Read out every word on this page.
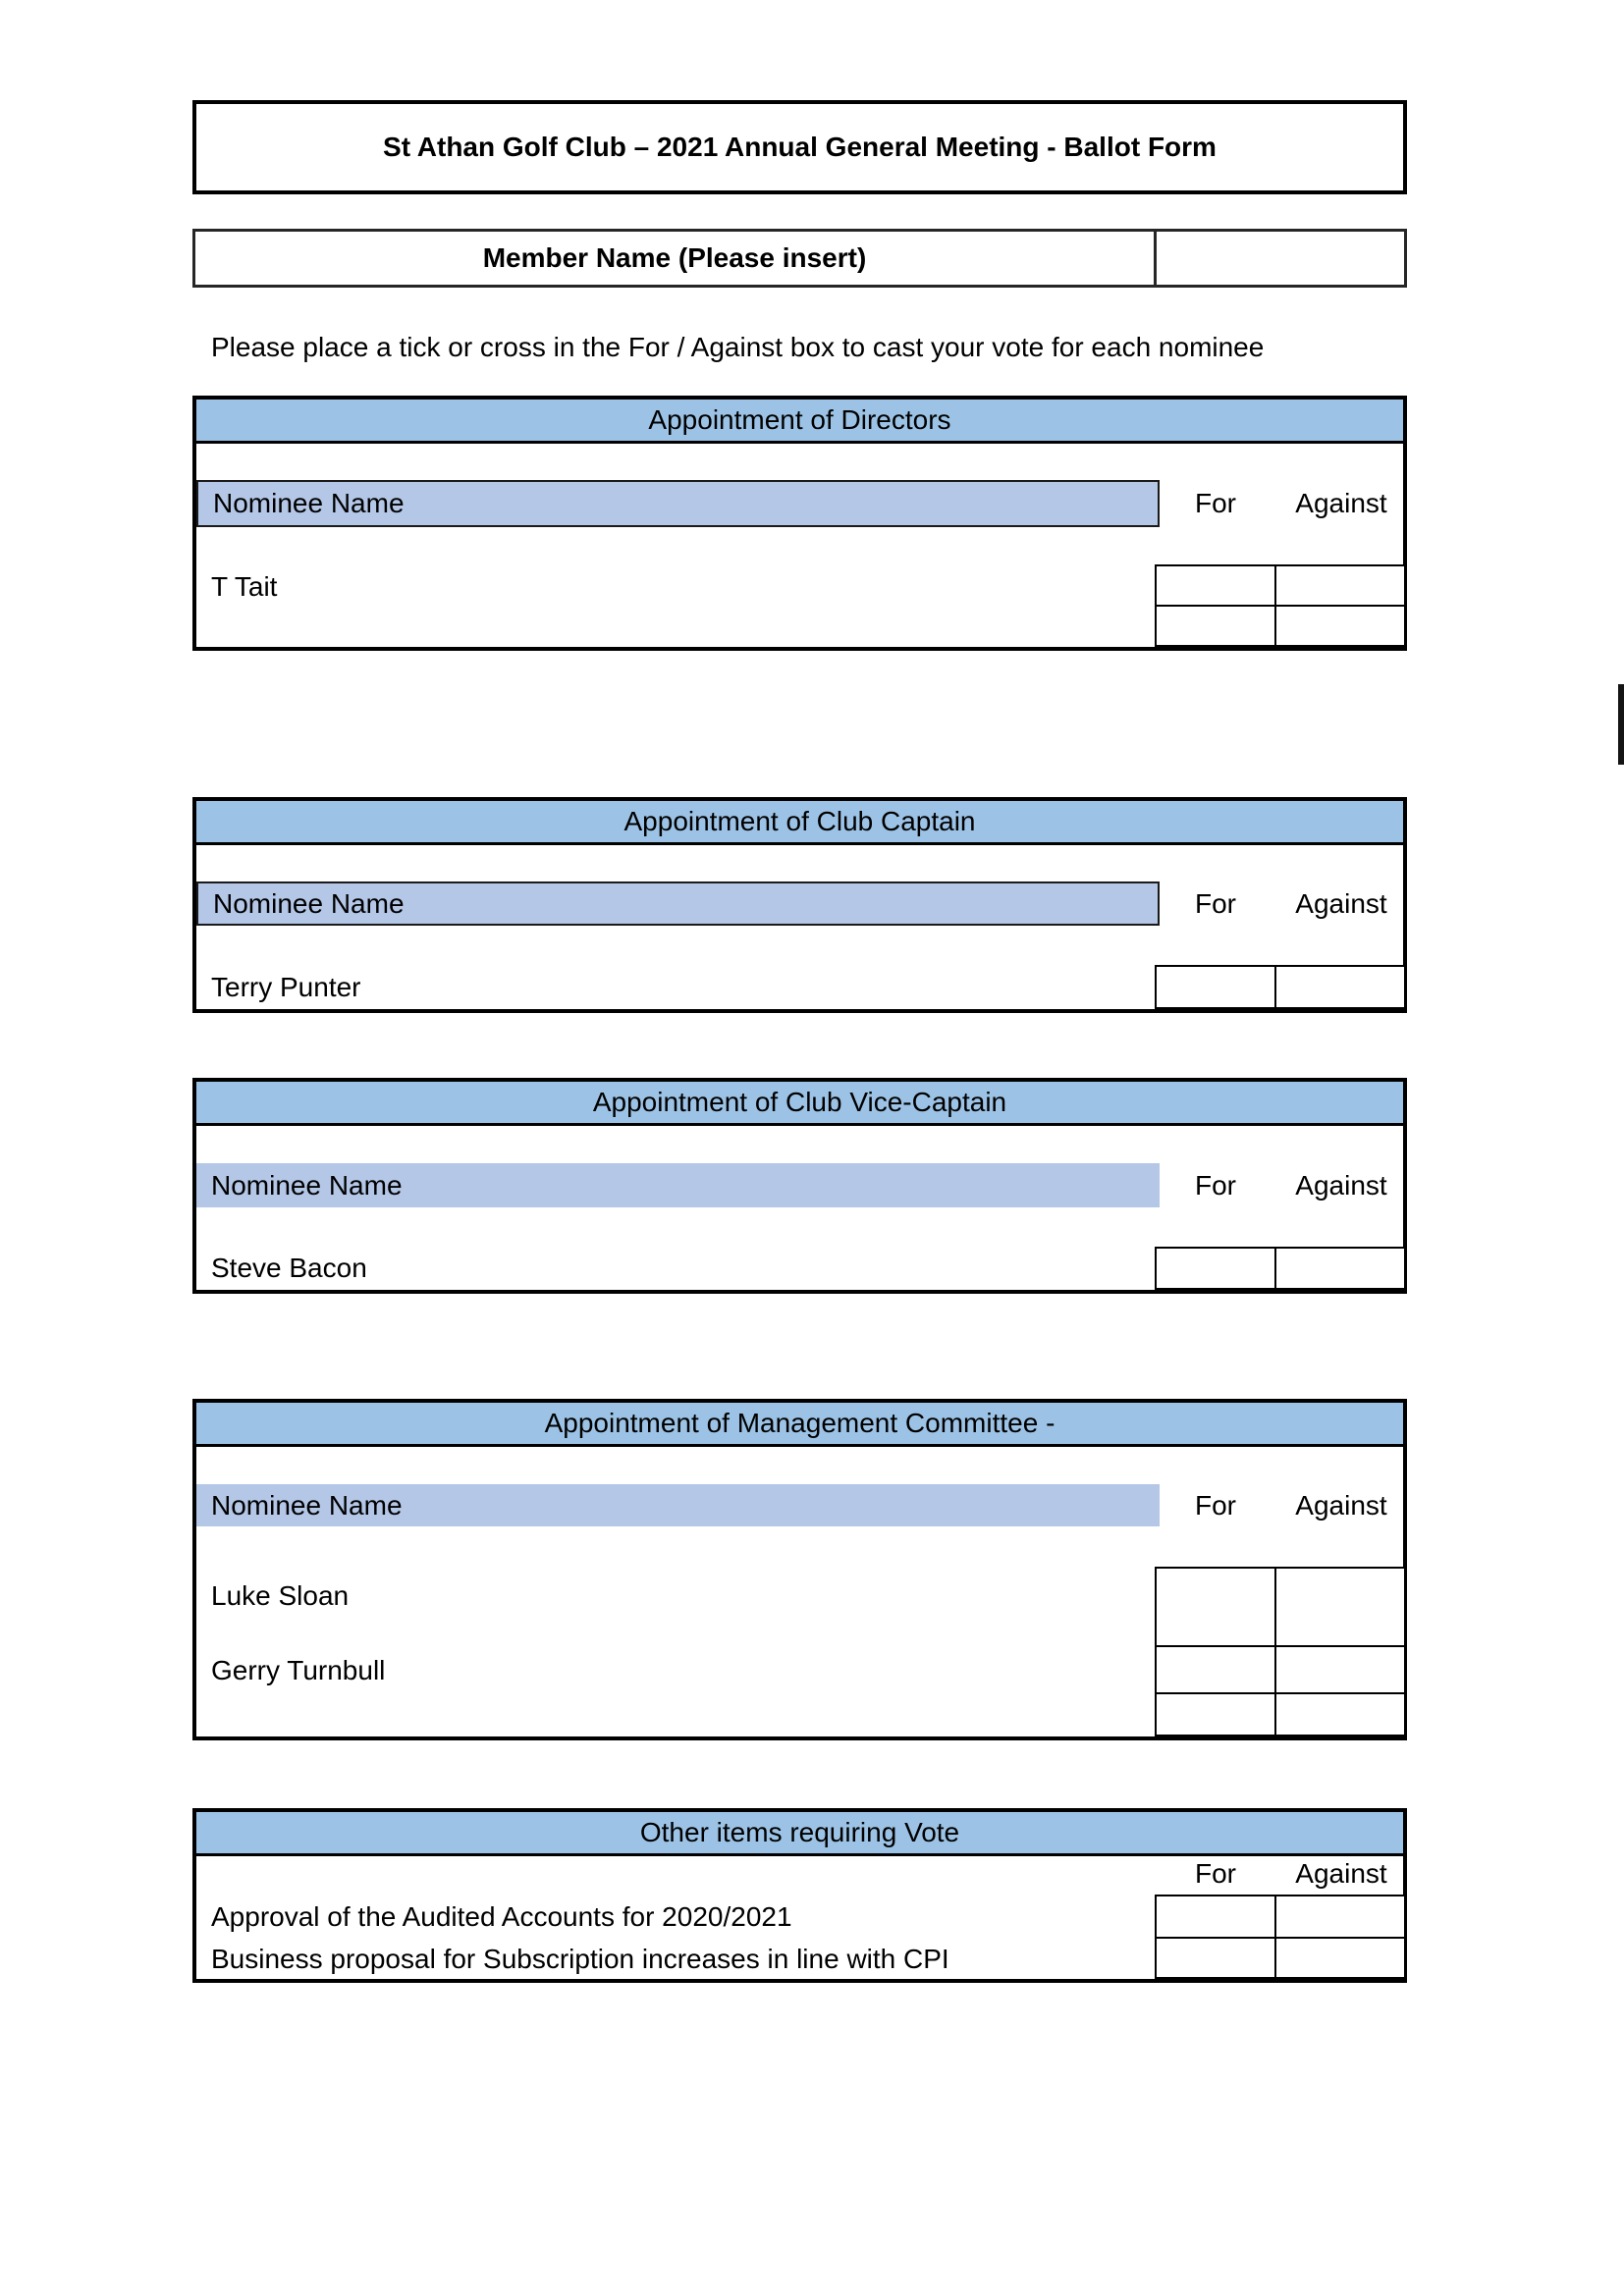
St Athan Golf Club – 2021 Annual General Meeting - Ballot Form
Member Name (Please insert)
Please place a tick or cross in the For / Against box to cast your vote for each nominee
Appointment of Directors
Nominee Name	For	Against
T Tait
Appointment of Club Captain
Nominee Name	For	Against
Terry Punter
Appointment of Club Vice-Captain
Nominee Name	For	Against
Steve Bacon
Appointment of Management Committee -
Nominee Name	For	Against
Luke Sloan
Gerry Turnbull
Other items requiring Vote
For	Against
Approval of the Audited Accounts for 2020/2021
Business proposal for Subscription increases in line with CPI
